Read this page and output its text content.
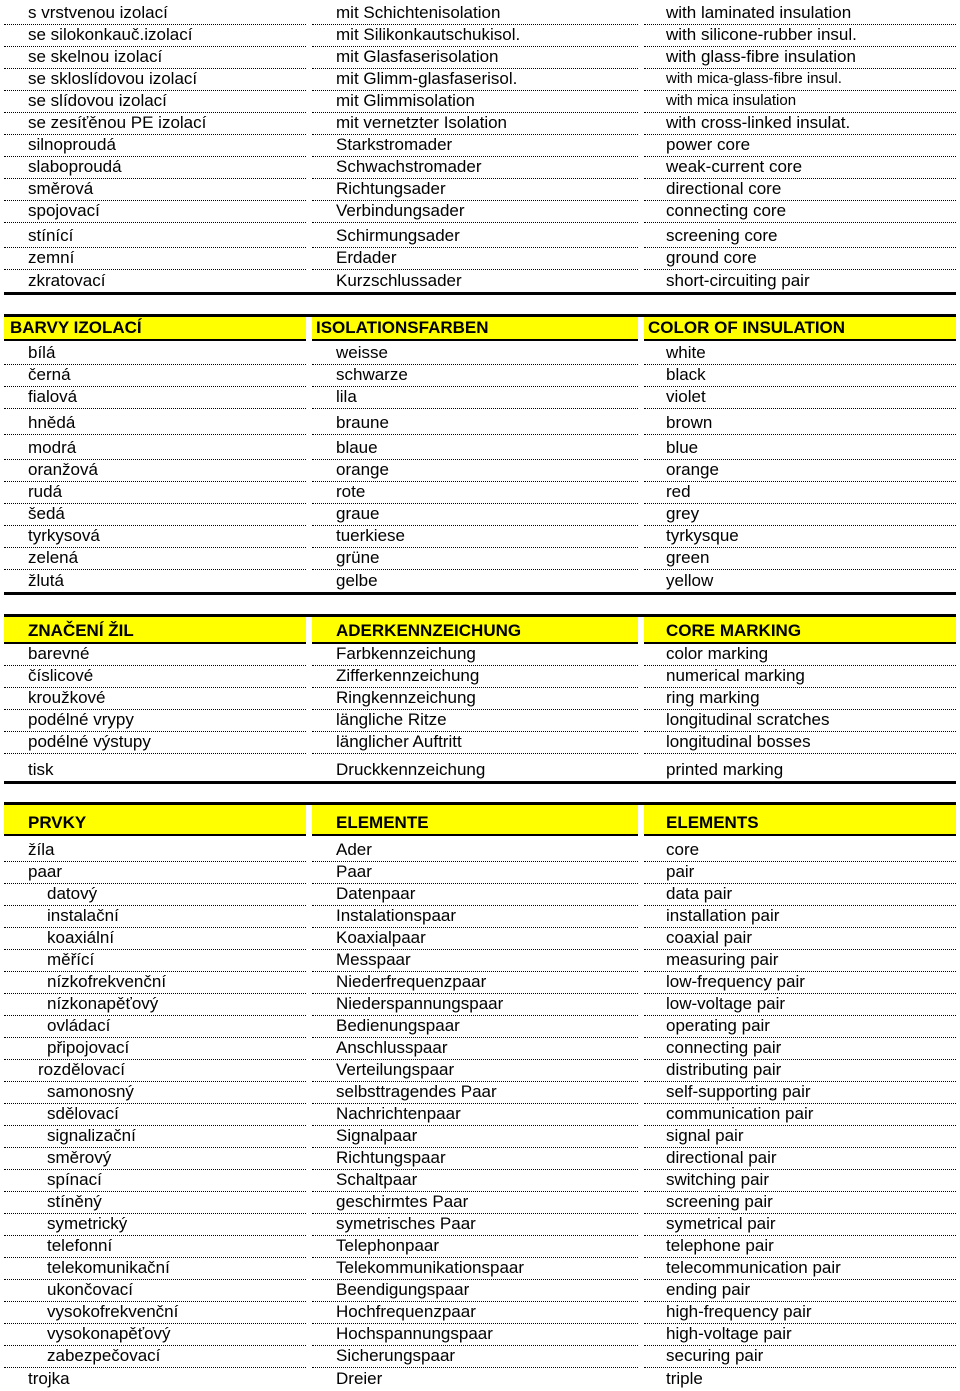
s vrstvenou izolací	mit Schichtenisolation	with laminated insulation
se silokonkauč.izolací	mit Silikonkautschukisol.	with silicone-rubber insul.
se skelnou izolací	mit Glasfaserisolation	with glass-fibre insulation
se skloslídovou izolací	mit Glimm-glasfaserisol.	with mica-glass-fibre insul.
se slídovou izolací	mit Glimmisolation	with mica insulation
se zesíťěnou PE izolací	mit vernetzter Isolation	with cross-linked insulat.
silnoproudá	Starkstromader	power core
slaboproudá	Schwachstromader	weak-current core
směrová	Richtungsader	directional core
spojovací	Verbindungsader	connecting core
stínící	Schirmungsader	screening core
zemní	Erdader	ground core
zkratovací	Kurzschlussader	short-circuiting pair
BARVY IZOLACÍ	ISOLATIONSFARBEN	COLOR OF INSULATION
bílá	weisse	white
černá	schwarze	black
fialová	lila	violet
hnědá	braune	brown
modrá	blaue	blue
oranžová	orange	orange
rudá	rote	red
šedá	graue	grey
tyrkysová	tuerkiese	tyrkysque
zelená	grüne	green
žlutá	gelbe	yellow
ZNAČENÍ ŽIL	ADERKENNZEICHUNG	CORE MARKING
barevné	Farbkennzeichung	color marking
číslicové	Zifferkennzeichung	numerical marking
kroužkové	Ringkennzeichung	ring marking
podélné vrypy	längliche Ritze	longitudinal scratches
podélné výstupy	länglicher Auftritt	longitudinal bosses
tisk	Druckkennzeichung	printed marking
PRVKY	ELEMENTE	ELEMENTS
žíla	Ader	core
paar	Paar	pair
datový	Datenpaar	data pair
instalační	Instalationspaar	installation pair
koaxiální	Koaxialpaar	coaxial pair
měřící	Messpaar	measuring pair
nízkofrekvenční	Niederfrequenzpaar	low-frequency pair
nízkonapěťový	Niederspannungspaar	low-voltage pair
ovládací	Bedienungspaar	operating pair
připojovací	Anschlusspaar	connecting pair
rozdělovací	Verteilungspaar	distributing pair
samonosný	selbsttragendes Paar	self-supporting pair
sdělovací	Nachrichtenpaar	communication pair
signalizační	Signalpaar	signal pair
směrový	Richtungspaar	directional pair
spínací	Schaltpaar	switching pair
stíněný	geschirmtes Paar	screening pair
symetrický	symetrisches Paar	symetrical pair
telefonní	Telephonpaar	telephone pair
telekomunikační	Telekommunikationspaar	telecommunication pair
ukončovací	Beendigungspaar	ending pair
vysokofrekvenční	Hochfrequenzpaar	high-frequency pair
vysokonapěťový	Hochspannungspaar	high-voltage pair
zabezpečovací	Sicherungspaar	securing pair
trojka	Dreier	triple
